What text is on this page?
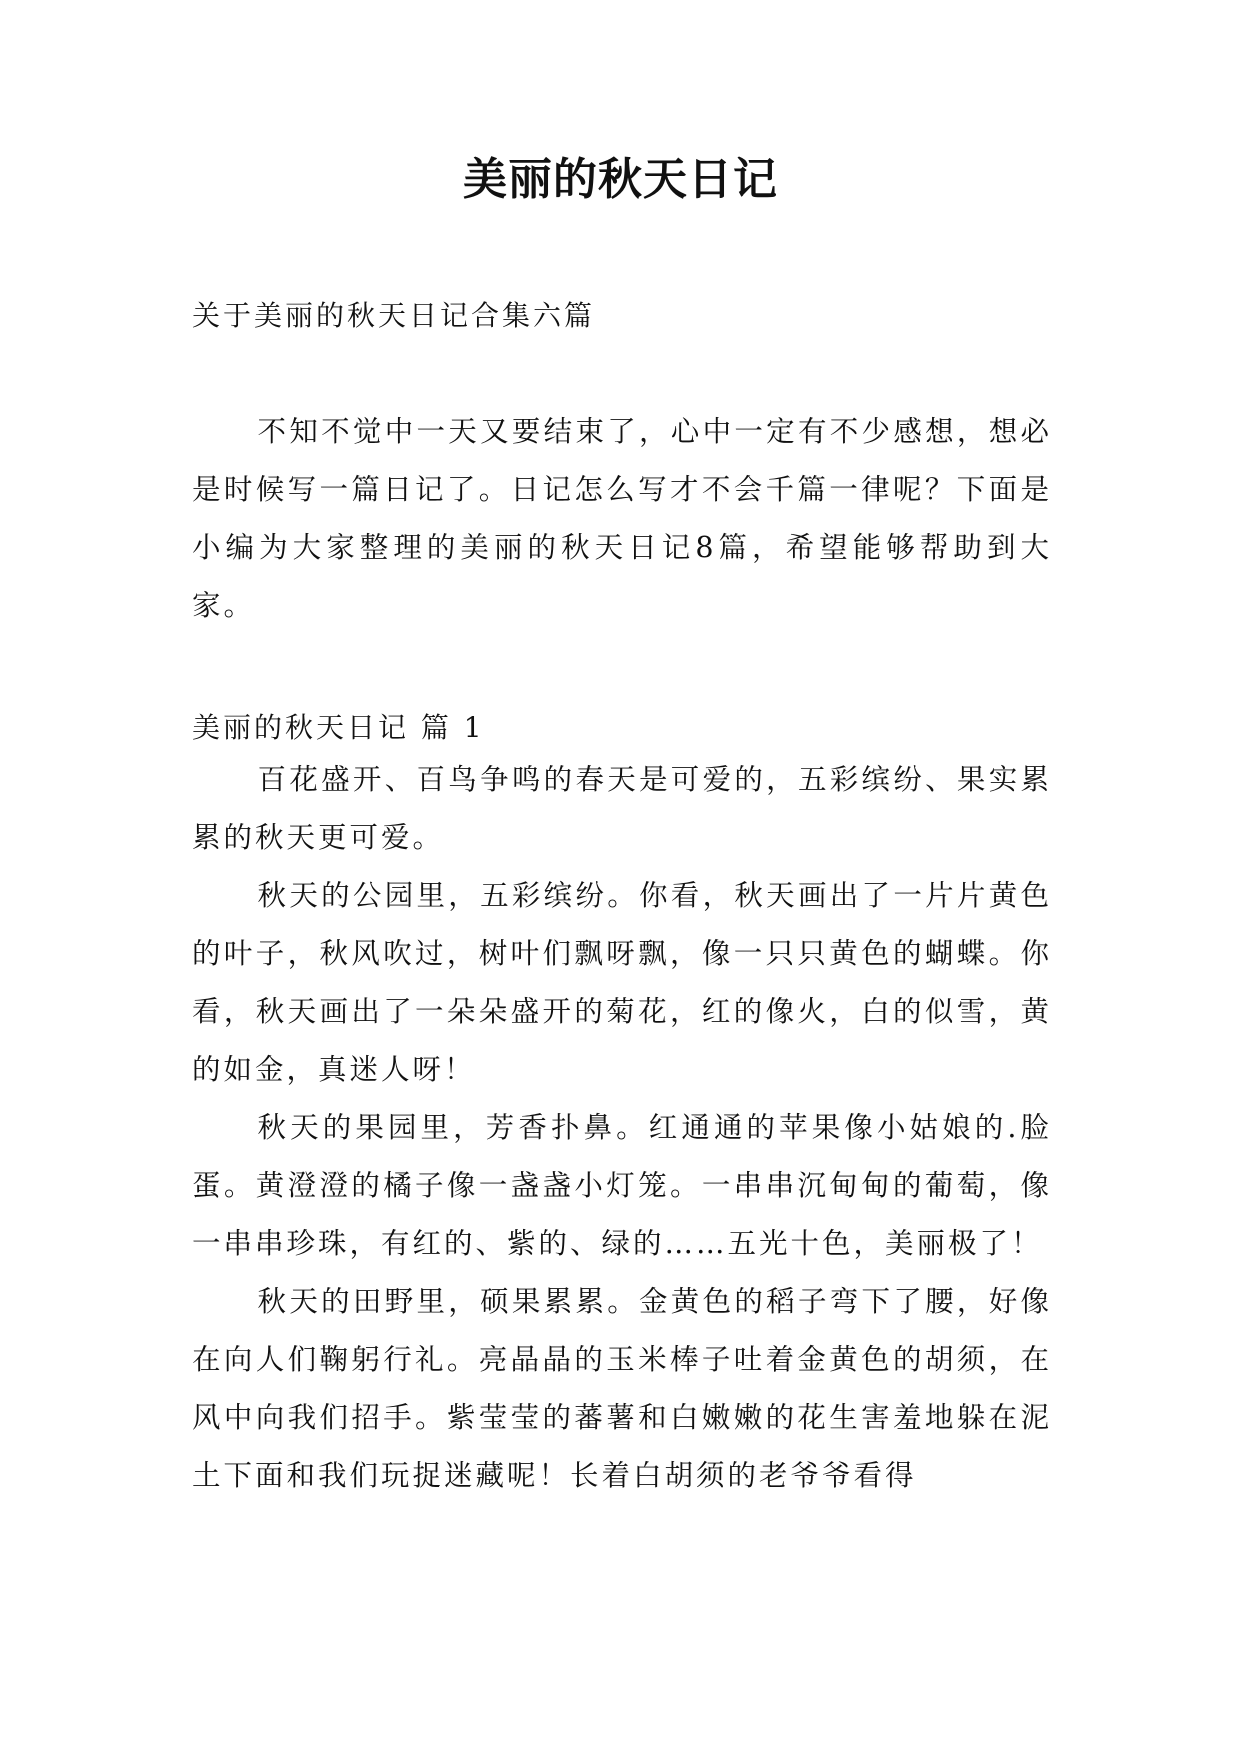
美丽的秋天日记
关于美丽的秋天日记合集六篇

不知不觉中一天又要结束了，心中一定有不少感想，想必是时候写一篇日记了。日记怎么写才不会千篇一律呢？下面是小编为大家整理的美丽的秋天日记8篇，希望能够帮助到大家。

美丽的秋天日记 篇 1

百花盛开、百鸟争鸣的春天是可爱的，五彩缤纷、果实累累的秋天更可爱。

秋天的公园里，五彩缤纷。你看，秋天画出了一片片黄色的叶子，秋风吹过，树叶们飘呀飘，像一只只黄色的蝴蝶。你看，秋天画出了一朵朵盛开的菊花，红的像火，白的似雪，黄的如金，真迷人呀！

秋天的果园里，芳香扑鼻。红通通的苹果像小姑娘的.脸蛋。黄澄澄的橘子像一盏盏小灯笼。一串串沉甸甸的葡萄，像一串串珍珠，有红的、紫的、绿的……五光十色，美丽极了！

秋天的田野里，硕果累累。金黄色的稻子弯下了腰，好像在向人们鞠躬行礼。亮晶晶的玉米棒子吐着金黄色的胡须，在风中向我们招手。紫莹莹的蕃薯和白嫩嫩的花生害羞地躲在泥土下面和我们玩捉迷藏呢！长着白胡须的老爷爷看得
